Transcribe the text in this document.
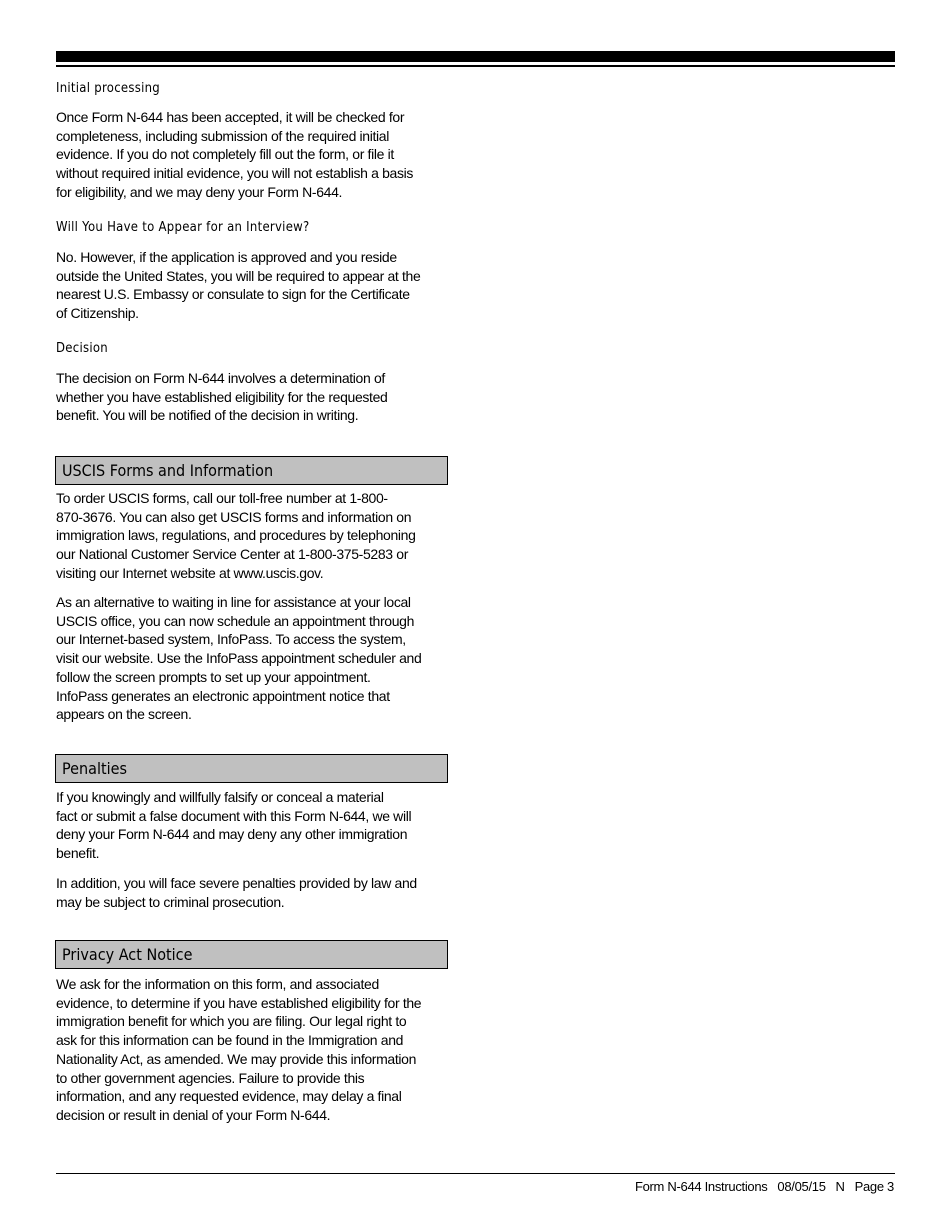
Initial processing
Once Form N-644 has been accepted, it will be checked for
completeness, including submission of the required initial
evidence. If you do not completely fill out the form, or file it
without required initial evidence, you will not establish a basis
for eligibility, and we may deny your Form N-644.
Will You Have to Appear for an Interview?
No. However, if the application is approved and you reside
outside the United States, you will be required to appear at the
nearest U.S. Embassy or consulate to sign for the Certificate
of Citizenship.
Decision
The decision on Form N-644 involves a determination of
whether you have established eligibility for the requested
benefit. You will be notified of the decision in writing.
USCIS Forms and Information
To order USCIS forms, call our toll-free number at 1-800-
870-3676. You can also get USCIS forms and information on
immigration laws, regulations, and procedures by telephoning
our National Customer Service Center at 1-800-375-5283 or
visiting our Internet website at www.uscis.gov.
As an alternative to waiting in line for assistance at your local
USCIS office, you can now schedule an appointment through
our Internet-based system, InfoPass. To access the system,
visit our website. Use the InfoPass appointment scheduler and
follow the screen prompts to set up your appointment.
InfoPass generates an electronic appointment notice that
appears on the screen.
Penalties
If you knowingly and willfully falsify or conceal a material
fact or submit a false document with this Form N-644, we will
deny your Form N-644 and may deny any other immigration
benefit.
In addition, you will face severe penalties provided by law and
may be subject to criminal prosecution.
Privacy Act Notice
We ask for the information on this form, and associated
evidence, to determine if you have established eligibility for the
immigration benefit for which you are filing. Our legal right to
ask for this information can be found in the Immigration and
Nationality Act, as amended. We may provide this information
to other government agencies. Failure to provide this
information, and any requested evidence, may delay a final
decision or result in denial of your Form N-644.
Form N-644 Instructions   08/05/15   N   Page 3
